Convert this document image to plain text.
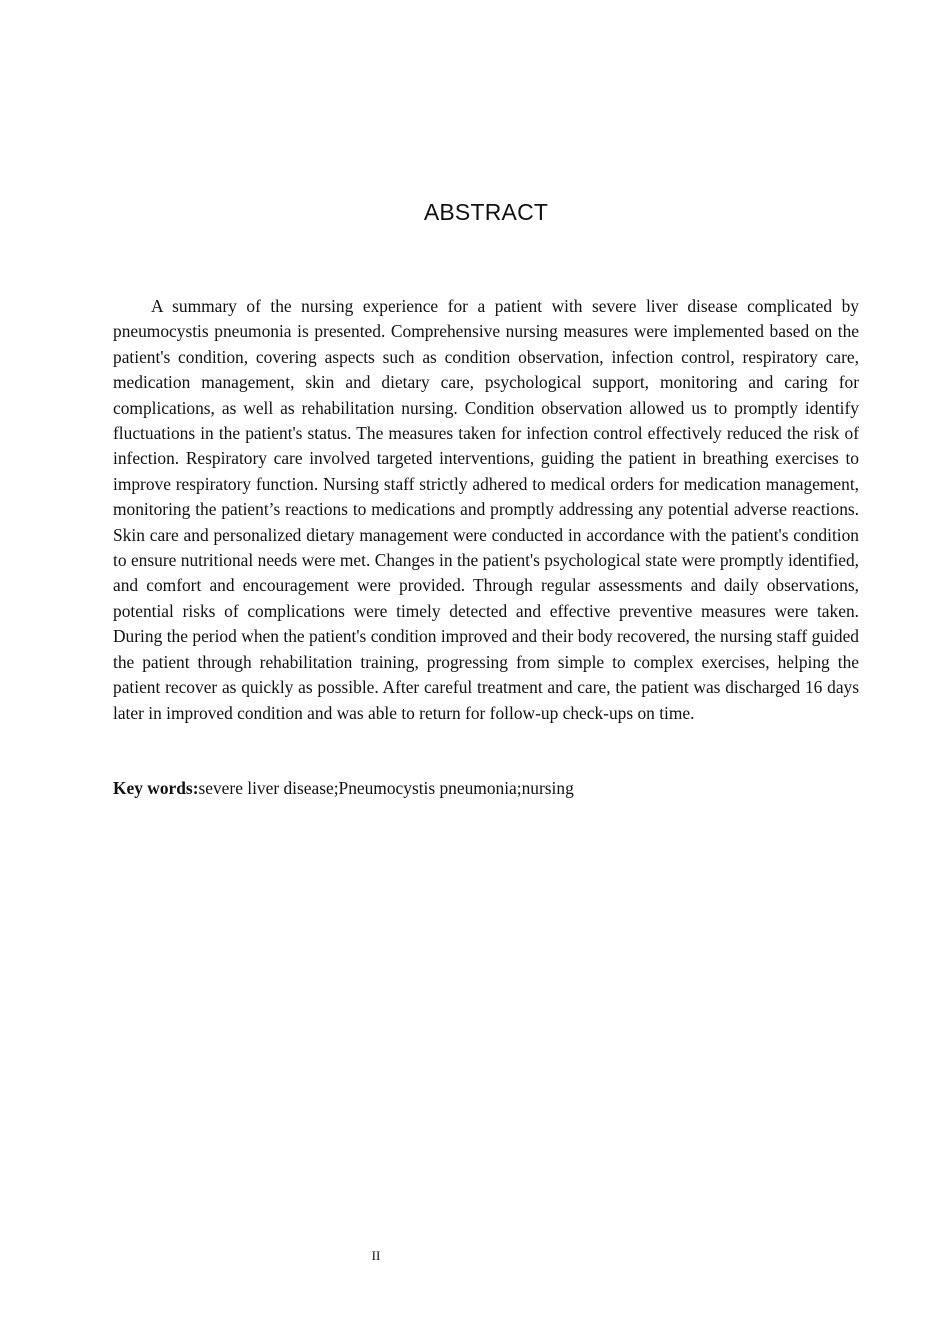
ABSTRACT

A summary of the nursing experience for a patient with severe liver disease complicated by pneumocystis pneumonia is presented. Comprehensive nursing measures were implemented based on the patient's condition, covering aspects such as condition observation, infection control, respiratory care, medication management, skin and dietary care, psychological support, monitoring and caring for complications, as well as rehabilitation nursing. Condition observation allowed us to promptly identify fluctuations in the patient's status. The measures taken for infection control effectively reduced the risk of infection. Respiratory care involved targeted interventions, guiding the patient in breathing exercises to improve respiratory function. Nursing staff strictly adhered to medical orders for medication management, monitoring the patient’s reactions to medications and promptly addressing any potential adverse reactions. Skin care and personalized dietary management were conducted in accordance with the patient's condition to ensure nutritional needs were met. Changes in the patient's psychological state were promptly identified, and comfort and encouragement were provided. Through regular assessments and daily observations, potential risks of complications were timely detected and effective preventive measures were taken. During the period when the patient's condition improved and their body recovered, the nursing staff guided the patient through rehabilitation training, progressing from simple to complex exercises, helping the patient recover as quickly as possible. After careful treatment and care, the patient was discharged 16 days later in improved condition and was able to return for follow-up check-ups on time.

Key words:severe liver disease;Pneumocystis pneumonia;nursing

II
